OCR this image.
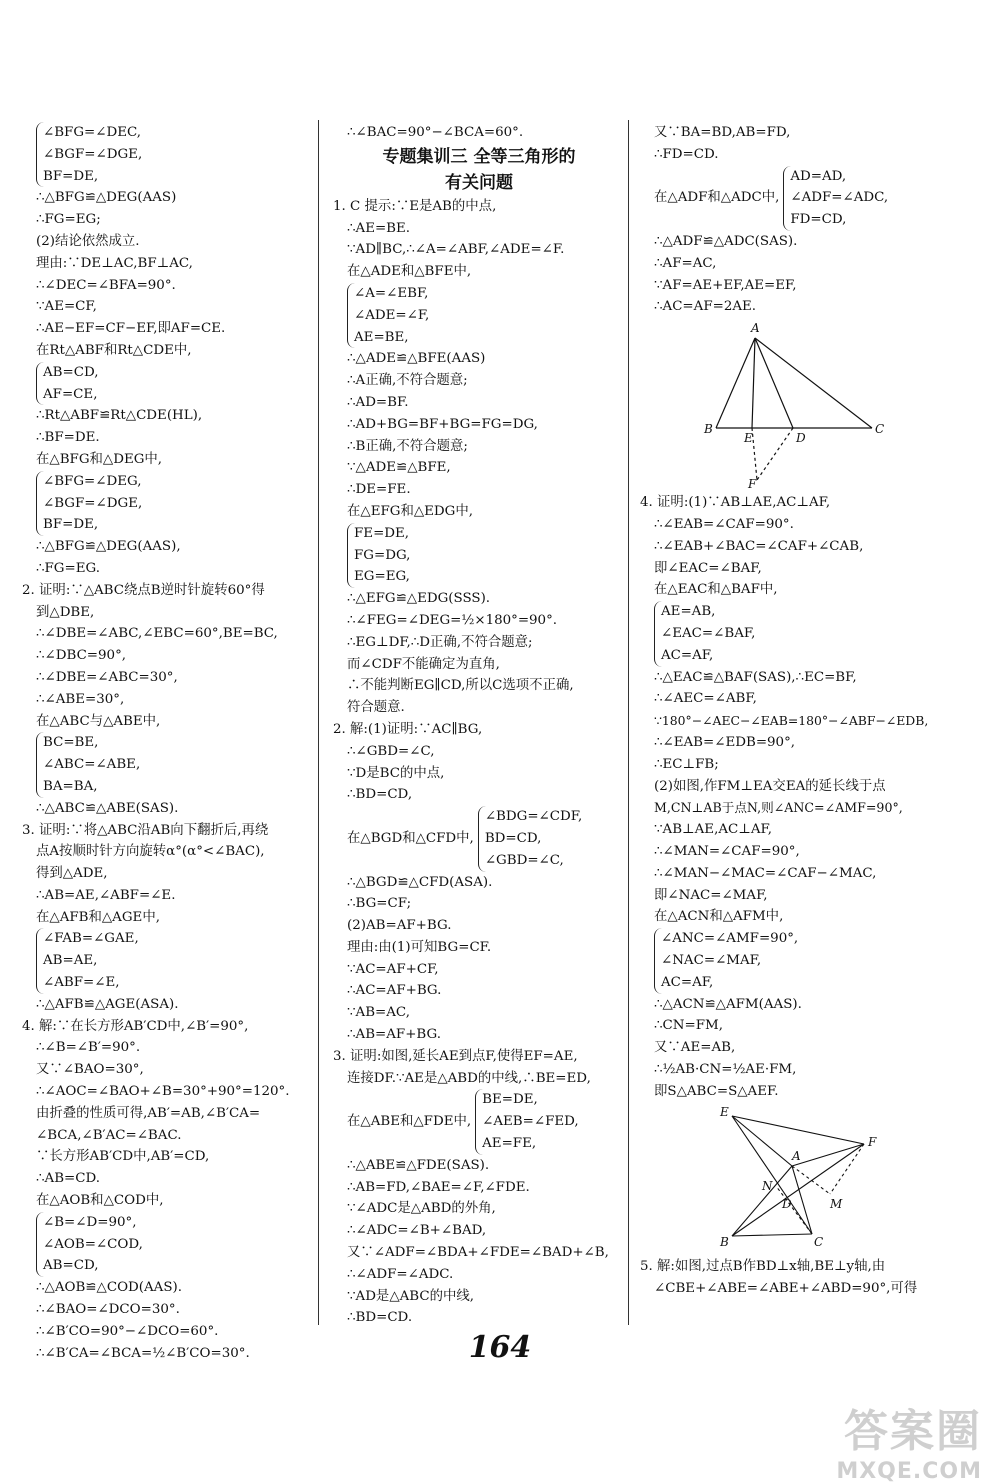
∠BFG=∠DEC,
∠BGF=∠DGE,
BF=DE,
∴△BFG≌△DEG(AAS)
∴FG=EG;
(2)结论依然成立.
理由:∵DE⊥AC,BF⊥AC,
∴∠DEC=∠BFA=90°.
∵AE=CF,
∴AE−EF=CF−EF,即AF=CE.
在Rt△ABF和Rt△CDE中,
AB=CD,
AF=CE,
∴Rt△ABF≌Rt△CDE(HL),
∴BF=DE.
在△BFG和△DEG中,
∠BFG=∠DEG,
∠BGF=∠DGE,
BF=DE,
∴△BFG≌△DEG(AAS),
∴FG=EG.
2. 证明:∵△ABC绕点B逆时针旋转60°得
到△DBE,
∴∠DBE=∠ABC,∠EBC=60°,BE=BC,
∴∠DBC=90°,
∴∠DBE=∠ABC=30°,
∴∠ABE=30°,
在△ABC与△ABE中,
BC=BE,
∠ABC=∠ABE,
BA=BA,
∴△ABC≌△ABE(SAS).
3. 证明:∵将△ABC沿AB向下翻折后,再绕
点A按顺时针方向旋转α°(α°<∠BAC),
得到△ADE,
∴AB=AE,∠ABF=∠E.
在△AFB和△AGE中,
∠FAB=∠GAE,
AB=AE,
∠ABF=∠E,
∴△AFB≌△AGE(ASA).
4. 解:∵在长方形AB′CD中,∠B′=90°,
∴∠B=∠B′=90°.
又∵∠BAO=30°,
∴∠AOC=∠BAO+∠B=30°+90°=120°.
由折叠的性质可得,AB′=AB,∠B′CA=
∠BCA,∠B′AC=∠BAC.
∵长方形AB′CD中,AB′=CD,
∴AB=CD.
在△AOB和△COD中,
∠B=∠D=90°,
∠AOB=∠COD,
AB=CD,
∴△AOB≌△COD(AAS).
∴∠BAO=∠DCO=30°.
∴∠B′CO=90°−∠DCO=60°.
∴∠B′CA=∠BCA=½∠B′CO=30°.
∴∠BAC=90°−∠BCA=60°.
专题集训三 全等三角形的
有关问题
1. C 提示:∵E是AB的中点,
∴AE=BE.
∵AD∥BC,∴∠A=∠ABF,∠ADE=∠F.
在△ADE和△BFE中,
∠A=∠EBF,
∠ADE=∠F,
AE=BE,
∴△ADE≌△BFE(AAS)
∴A正确,不符合题意;
∴AD=BF.
∴AD+BG=BF+BG=FG=DG,
∴B正确,不符合题意;
∵△ADE≌△BFE,
∴DE=FE.
在△EFG和△EDG中,
FE=DE,
FG=DG,
EG=EG,
∴△EFG≌△EDG(SSS).
∴∠FEG=∠DEG=½×180°=90°.
∴EG⊥DF,∴D正确,不符合题意;
而∠CDF不能确定为直角,
∴不能判断EG∥CD,所以C选项不正确,
符合题意.
2. 解:(1)证明:∵AC∥BG,
∴∠GBD=∠C,
∵D是BC的中点,
∴BD=CD,
在△BGD和△CFD中,
∠BDG=∠CDF,
BD=CD,
∠GBD=∠C,
∴△BGD≌△CFD(ASA).
∴BG=CF;
(2)AB=AF+BG.
理由:由(1)可知BG=CF.
∵AC=AF+CF,
∴AC=AF+BG.
∵AB=AC,
∴AB=AF+BG.
3. 证明:如图,延长AE到点F,使得EF=AE,
连接DF.∵AE是△ABD的中线,∴BE=ED,
在△ABE和△FDE中,
BE=DE,
∠AEB=∠FED,
AE=FE,
∴△ABE≌△FDE(SAS).
∴AB=FD,∠BAE=∠F,∠FDE.
∵∠ADC是△ABD的外角,
∴∠ADC=∠B+∠BAD,
又∵∠ADF=∠BDA+∠FDE=∠BAD+∠B,
∴∠ADF=∠ADC.
∵AD是△ABC的中线,
∴BD=CD.
又∵BA=BD,AB=FD,
∴FD=CD.
在△ADF和△ADC中,
AD=AD,
∠ADF=∠ADC,
FD=CD,
∴△ADF≌△ADC(SAS).
∴AF=AC,
∵AF=AE+EF,AE=EF,
∴AC=AF=2AE.
A
B
E	D
C
F
4. 证明:(1)∵AB⊥AE,AC⊥AF,
∴∠EAB=∠CAF=90°.
∴∠EAB+∠BAC=∠CAF+∠CAB,
即∠EAC=∠BAF,
在△EAC和△BAF中,
AE=AB,
∠EAC=∠BAF,
AC=AF,
∴△EAC≌△BAF(SAS),∴EC=BF,
∴∠AEC=∠ABF,
∵180°−∠AEC−∠EAB=180°−∠ABF−∠EDB,
∴∠EAB=∠EDB=90°,
∴EC⊥FB;
(2)如图,作FM⊥EA交EA的延长线于点
M,CN⊥AB于点N,则∠ANC=∠AMF=90°,
∵AB⊥AE,AC⊥AF,
∴∠MAN=∠CAF=90°,
∴∠MAN−∠MAC=∠CAF−∠MAC,
即∠NAC=∠MAF,
在△ACN和△AFM中,
∠ANC=∠AMF=90°,
∠NAC=∠MAF,
AC=AF,
∴△ACN≌△AFM(AAS).
∴CN=FM,
又∵AE=AB,
∴½AB·CN=½AE·FM,
即S△ABC=S△AEF.
E
F
A
N
M
D
B	C
5. 解:如图,过点B作BD⊥x轴,BE⊥y轴,由
∠CBE+∠ABE=∠ABE+∠ABD=90°,可得
164
答案圈
MXQE.COM
